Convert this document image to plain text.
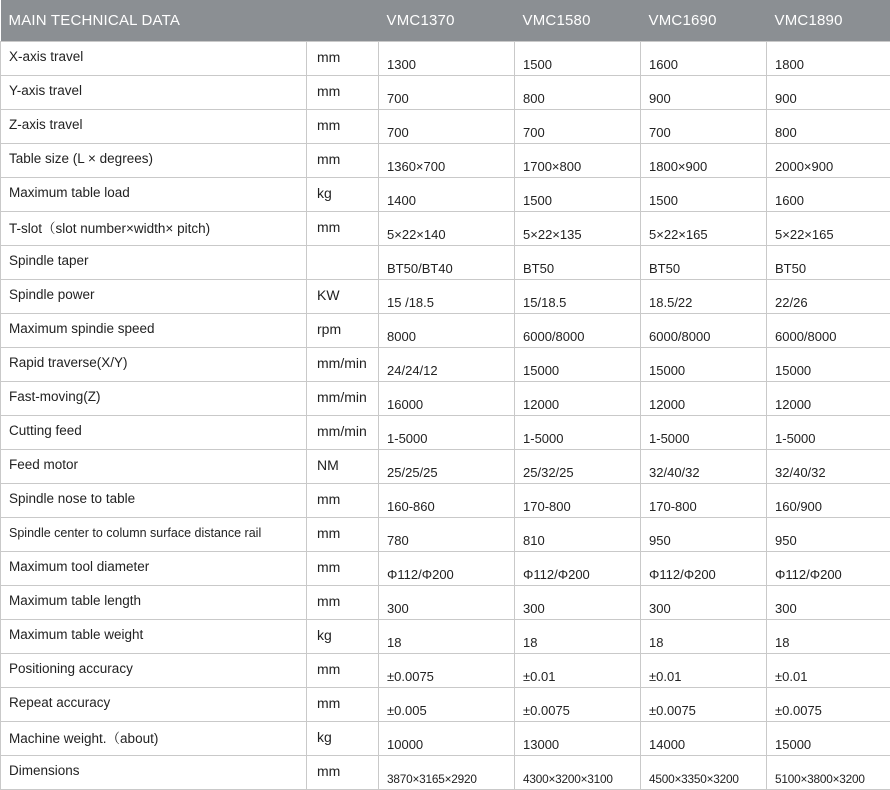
MAIN TECHNICAL DATA		VMC1370	VMC1580	VMC1690	VMC1890
X-axis travel	mm	1300	1500	1600	1800
Y-axis travel	mm	700	800	900	900
Z-axis travel	mm	700	700	700	800
Table size (L × degrees)	mm	1360×700	1700×800	1800×900	2000×900
Maximum table load	kg	1400	1500	1500	1600
T-slot（slot number×width× pitch)	mm	5×22×140	5×22×135	5×22×165	5×22×165
Spindle taper		BT50/BT40	BT50	BT50	BT50
Spindle power	KW	15 /18.5	15/18.5	18.5/22	22/26
Maximum spindie speed	rpm	8000	6000/8000	6000/8000	6000/8000
Rapid traverse(X/Y)	mm/min	24/24/12	15000	15000	15000
Fast-moving(Z)	mm/min	16000	12000	12000	12000
Cutting feed	mm/min	1-5000	1-5000	1-5000	1-5000
Feed motor	NM	25/25/25	25/32/25	32/40/32	32/40/32
Spindle nose to table	mm	160-860	170-800	170-800	160/900
Spindle center to column surface distance rail	mm	780	810	950	950
Maximum tool diameter	mm	Φ112/Φ200	Φ112/Φ200	Φ112/Φ200	Φ112/Φ200
Maximum table length	mm	300	300	300	300
Maximum table weight	kg	18	18	18	18
Positioning accuracy	mm	±0.0075	±0.01	±0.01	±0.01
Repeat accuracy	mm	±0.005	±0.0075	±0.0075	±0.0075
Machine weight.（about)	kg	10000	13000	14000	15000
Dimensions	mm	3870×3165×2920	4300×3200×3100	4500×3350×3200	5100×3800×3200
